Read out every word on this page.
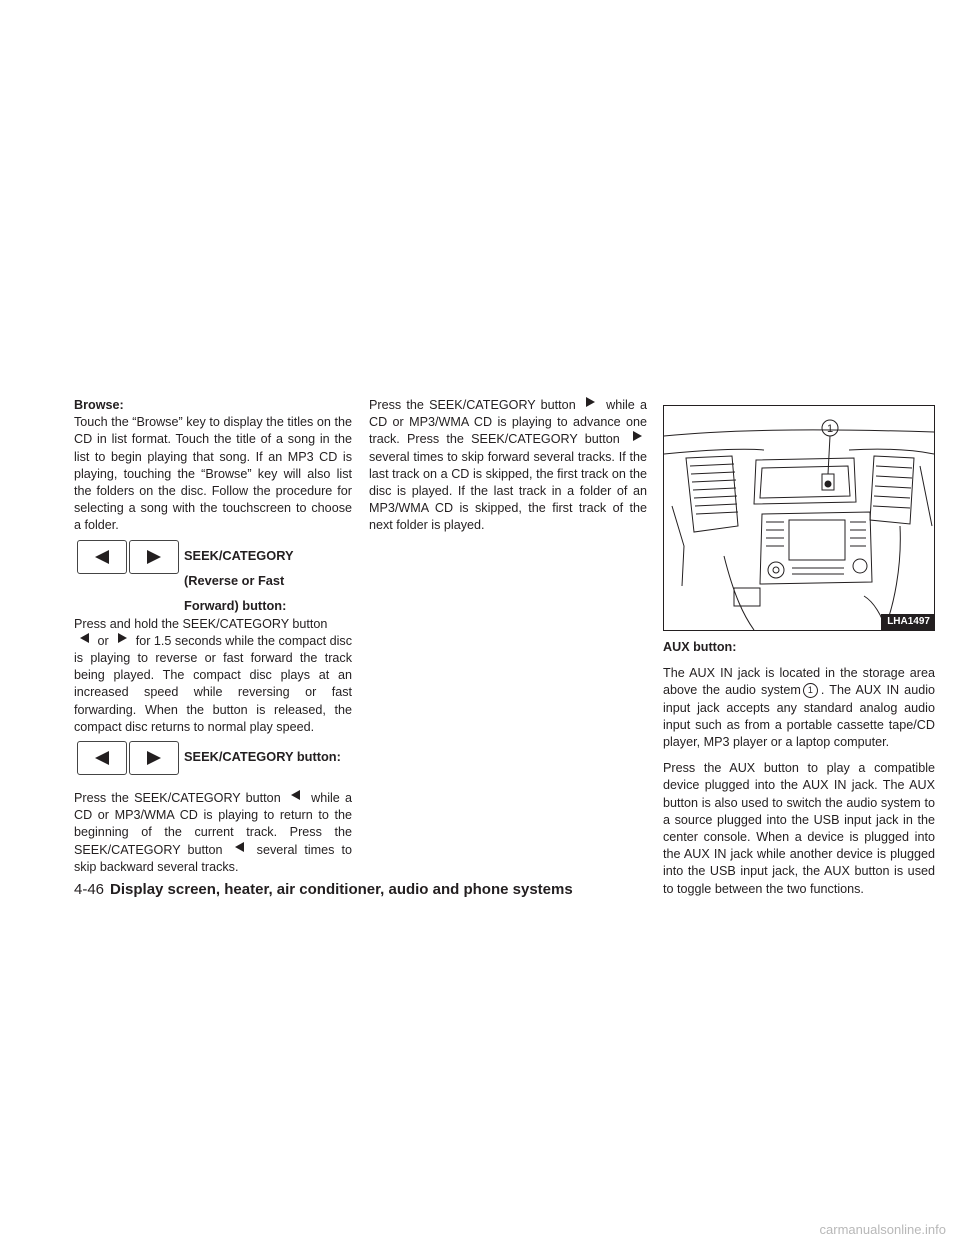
Browse:

Touch the “Browse” key to display the titles on the CD in list format. Touch the title of a song in the list to begin playing that song. If an MP3 CD is playing, touching the “Browse” key will also list the folders on the disc. Follow the procedure for selecting a song with the touchscreen to choose a folder.

SEEK/CATEGORY
(Reverse or Fast
Forward) button:

Press and hold the SEEK/CATEGORY button
or for 1.5 seconds while the compact disc is playing to reverse or fast forward the track being played. The compact disc plays at an increased speed while reversing or fast forwarding. When the button is released, the compact disc returns to normal play speed.

SEEK/CATEGORY button:

Press the SEEK/CATEGORY button while a CD or MP3/WMA CD is playing to return to the beginning of the current track. Press the SEEK/CATEGORY button	several times to skip backward several tracks.

Press the SEEK/CATEGORY button while a CD or MP3/WMA CD is playing to advance one track. Press the SEEK/CATEGORY button  several times to skip forward several tracks. If the last track on a CD is skipped, the first track on the disc is played. If the last track in a folder of an MP3/WMA CD is skipped, the first track of the next folder is played.

1
LHA1497

AUX button:

The AUX IN jack is located in the storage area above the audio system 1 . The AUX IN audio input jack accepts any standard analog audio input such as from a portable cassette tape/CD player, MP3 player or a laptop computer.

Press the AUX button to play a compatible device plugged into the AUX IN jack. The AUX button is also used to switch the audio system to a source plugged into the USB input jack in the center console. When a device is plugged into the AUX IN jack while another device is plugged into the USB input jack, the AUX button is used to toggle between the two functions.

4-46 Display screen, heater, air conditioner, audio and phone systems
carmanualsonline.info
